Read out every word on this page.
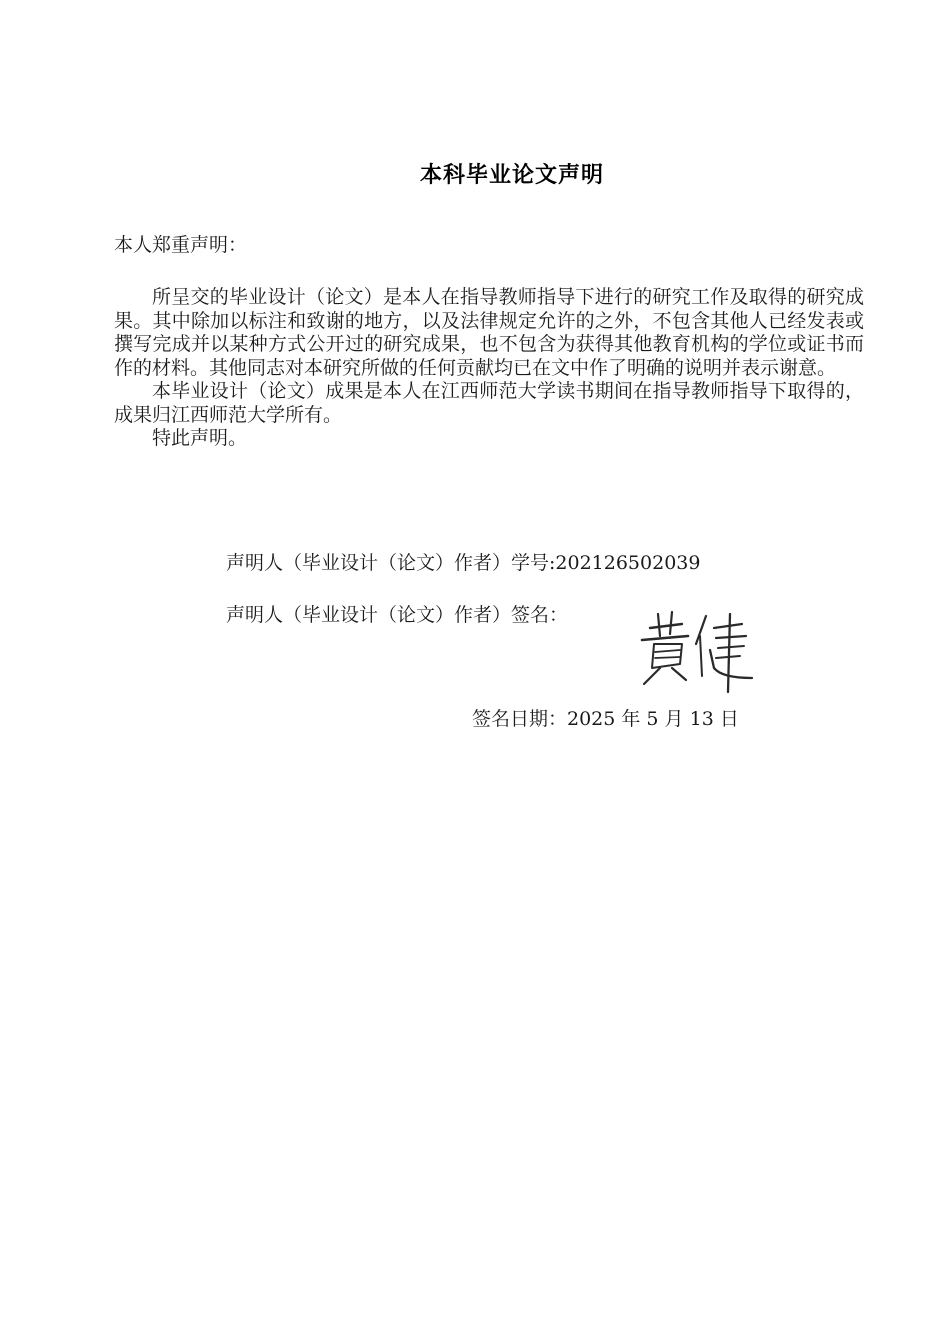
本科毕业论文声明
本人郑重声明：

所呈交的毕业设计（论文）是本人在指导教师指导下进行的研究工作及取得的研究成果。其中除加以标注和致谢的地方，以及法律规定允许的之外，不包含其他人已经发表或撰写完成并以某种方式公开过的研究成果，也不包含为获得其他教育机构的学位或证书而作的材料。其他同志对本研究所做的任何贡献均已在文中作了明确的说明并表示谢意。

本毕业设计（论文）成果是本人在江西师范大学读书期间在指导教师指导下取得的，成果归江西师范大学所有。

特此声明。

声明人（毕业设计（论文）作者）学号:202126502039
声明人（毕业设计（论文）作者）签名：
签名日期：2025 年 5 月 13 日
